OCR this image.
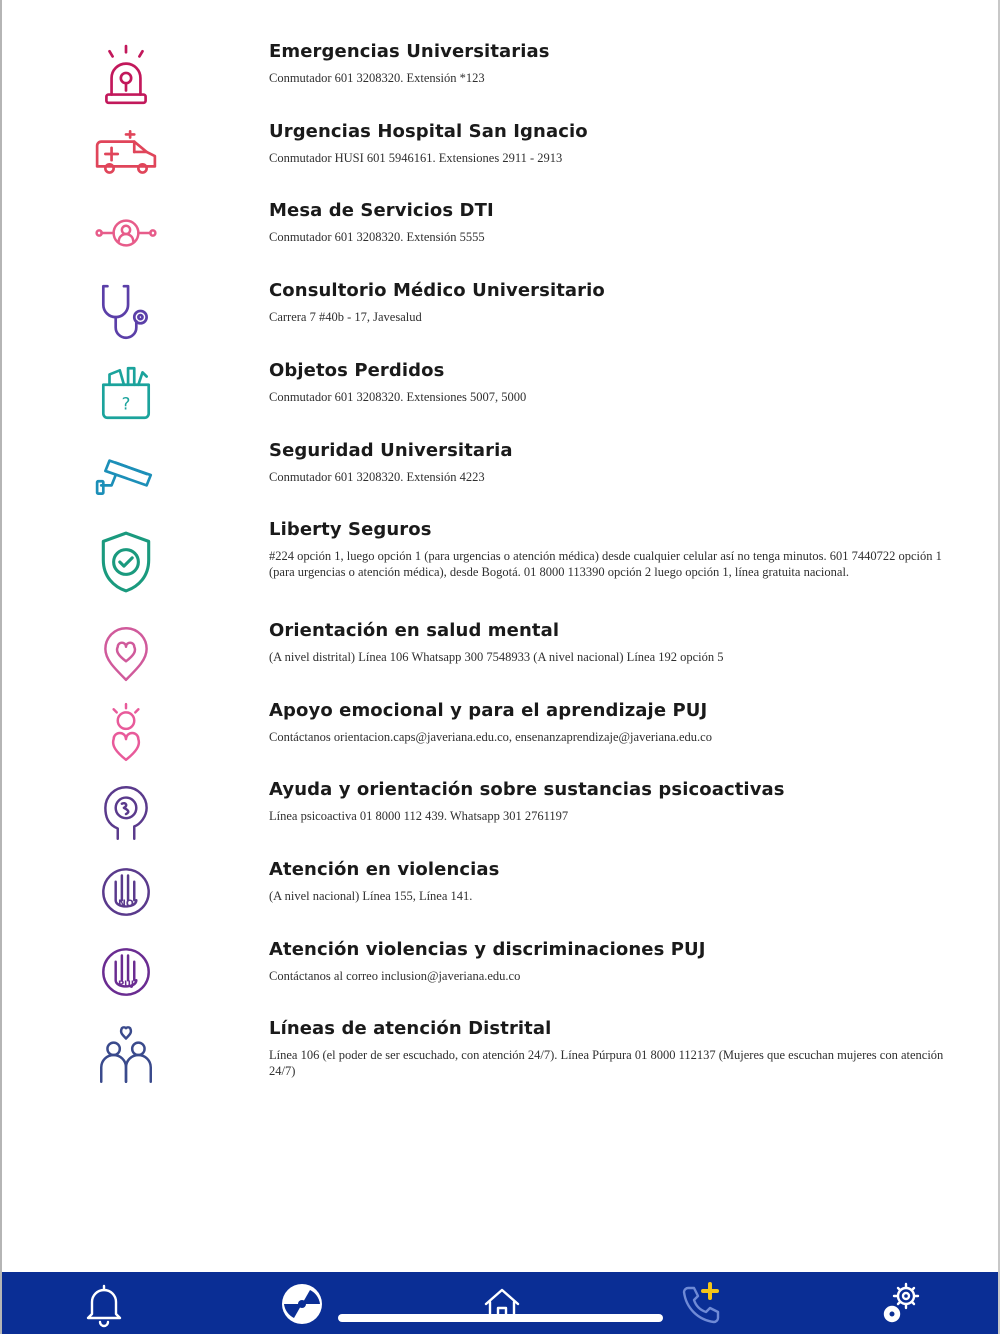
Emergencias Universitarias
Conmutador 601 3208320. Extensión *123
Urgencias Hospital San Ignacio
Conmutador HUSI 601 5946161. Extensiones 2911 - 2913
Mesa de Servicios DTI
Conmutador 601 3208320. Extensión 5555
Consultorio Médico Universitario
Carrera 7 #40b - 17, Javesalud
?
Objetos Perdidos
Conmutador 601 3208320. Extensiones 5007, 5000
Seguridad Universitaria
Conmutador 601 3208320. Extensión 4223
Liberty Seguros
#224 opción 1, luego opción 1 (para urgencias o atención médica) desde cualquier celular así no tenga minutos. 601 7440722 opción 1 (para urgencias o atención médica), desde Bogotá. 01 8000 113390 opción 2 luego opción 1, línea gratuita nacional.
Orientación en salud mental
(A nivel distrital) Línea 106 Whatsapp 300 7548933 (A nivel nacional) Línea 192 opción 5
Apoyo emocional y para el aprendizaje PUJ
Contáctanos orientacion.caps@javeriana.edu.co, ensenanzaprendizaje@javeriana.edu.co
Ayuda y orientación sobre sustancias psicoactivas
Línea psicoactiva 01 8000 112 439. Whatsapp 301 2761197
NO
Atención en violencias
(A nivel nacional) Línea 155, Línea 141.
PUJ
Atención violencias y discriminaciones PUJ
Contáctanos al correo inclusion@javeriana.edu.co
Líneas de atención Distrital
Línea 106 (el poder de ser escuchado, con atención 24/7). Línea Púrpura 01 8000 112137 (Mujeres que escuchan mujeres con atención 24/7)
